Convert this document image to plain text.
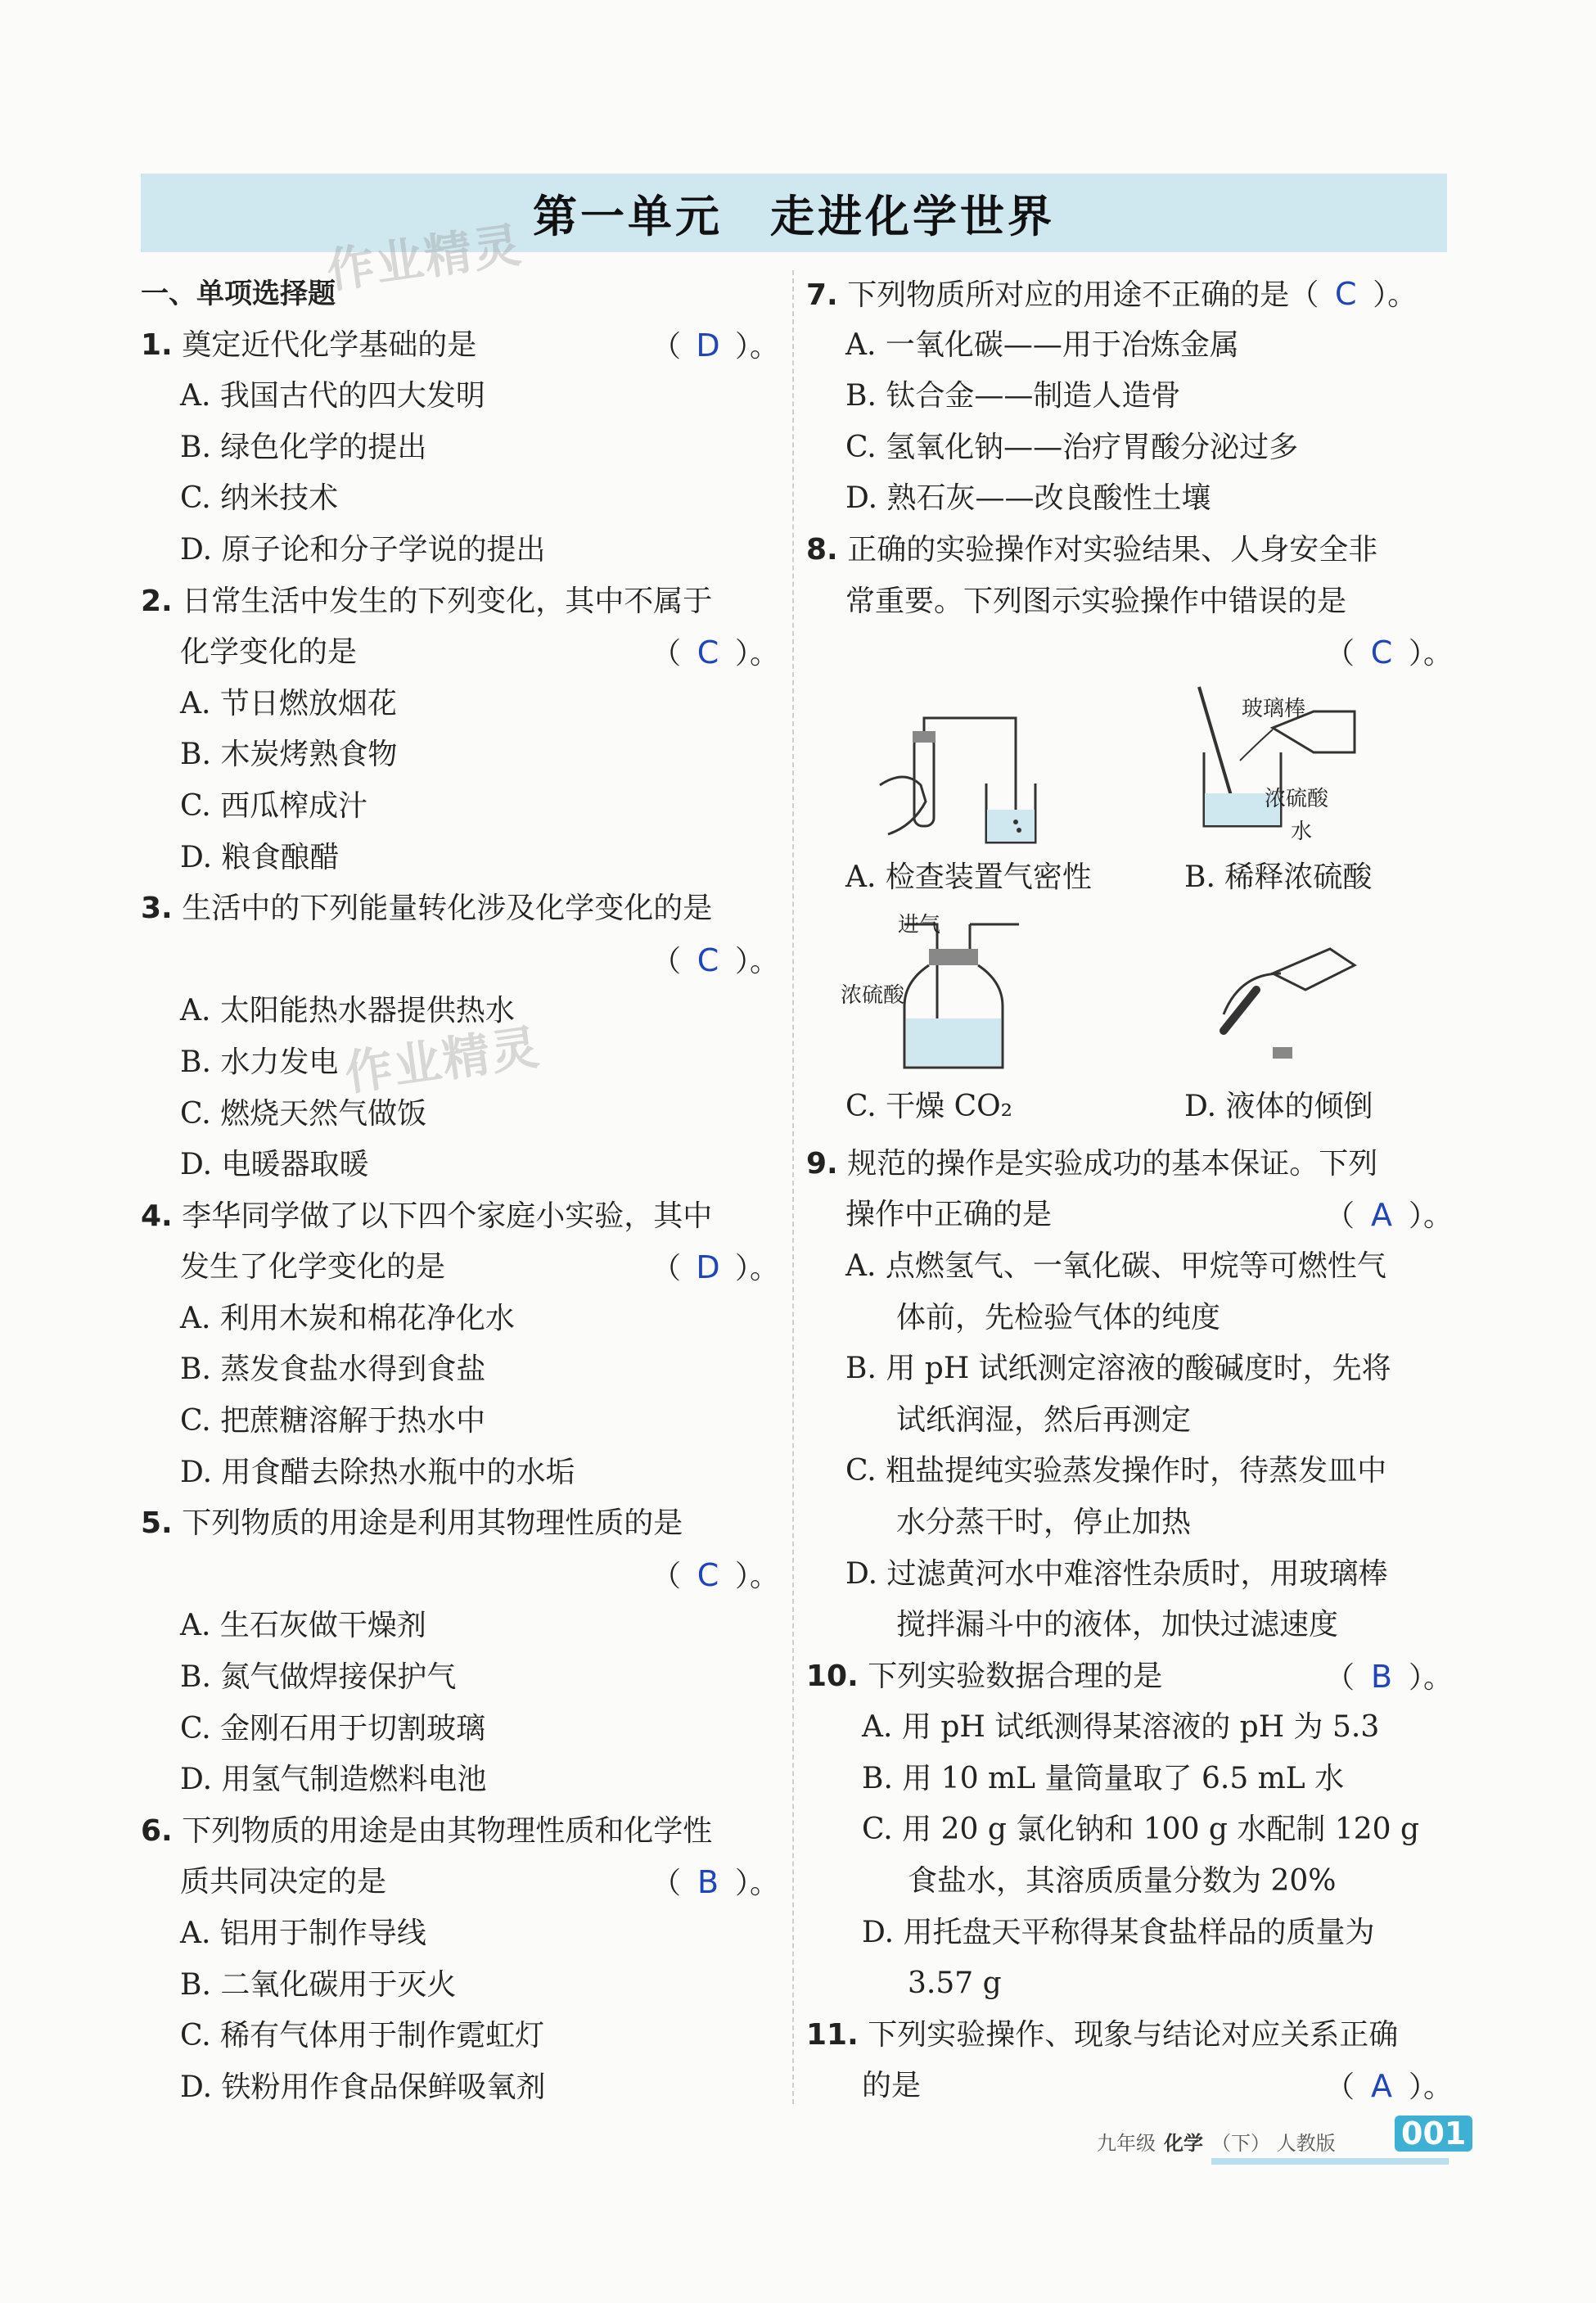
第一单元　走进化学世界
作业精灵
作业精灵
一、单项选择题
1. 奠定近代化学基础的是	（ D ）。
A. 我国古代的四大发明
B. 绿色化学的提出
C. 纳米技术
D. 原子论和分子学说的提出
2. 日常生活中发生的下列变化，其中不属于
化学变化的是	（ C ）。
A. 节日燃放烟花
B. 木炭烤熟食物
C. 西瓜榨成汁
D. 粮食酿醋
3. 生活中的下列能量转化涉及化学变化的是
（ C ）。
A. 太阳能热水器提供热水
B. 水力发电
C. 燃烧天然气做饭
D. 电暖器取暖
4. 李华同学做了以下四个家庭小实验，其中
发生了化学变化的是	（ D ）。
A. 利用木炭和棉花净化水
B. 蒸发食盐水得到食盐
C. 把蔗糖溶解于热水中
D. 用食醋去除热水瓶中的水垢
5. 下列物质的用途是利用其物理性质的是
（ C ）。
A. 生石灰做干燥剂
B. 氮气做焊接保护气
C. 金刚石用于切割玻璃
D. 用氢气制造燃料电池
6. 下列物质的用途是由其物理性质和化学性
质共同决定的是	（ B ）。
A. 铝用于制作导线
B. 二氧化碳用于灭火
C. 稀有气体用于制作霓虹灯
D. 铁粉用作食品保鲜吸氧剂
7. 下列物质所对应的用途不正确的是（ C ）。
A. 一氧化碳——用于冶炼金属
B. 钛合金——制造人造骨
C. 氢氧化钠——治疗胃酸分泌过多
D. 熟石灰——改良酸性土壤
8. 正确的实验操作对实验结果、人身安全非
常重要。下列图示实验操作中错误的是
（ C ）。
玻璃棒
浓硫酸
水
A. 检查装置气密性	B. 稀释浓硫酸
进气
浓硫酸
C. 干燥 CO₂	D. 液体的倾倒
9. 规范的操作是实验成功的基本保证。下列
操作中正确的是	（ A ）。
A. 点燃氢气、一氧化碳、甲烷等可燃性气
体前，先检验气体的纯度
B. 用 pH 试纸测定溶液的酸碱度时，先将
试纸润湿，然后再测定
C. 粗盐提纯实验蒸发操作时，待蒸发皿中
水分蒸干时，停止加热
D. 过滤黄河水中难溶性杂质时，用玻璃棒
搅拌漏斗中的液体，加快过滤速度
10. 下列实验数据合理的是	（ B ）。
A. 用 pH 试纸测得某溶液的 pH 为 5.3
B. 用 10 mL 量筒量取了 6.5 mL 水
C. 用 20 g 氯化钠和 100 g 水配制 120 g
食盐水，其溶质质量分数为 20%
D. 用托盘天平称得某食盐样品的质量为
3.57 g
11. 下列实验操作、现象与结论对应关系正确
的是	（ A ）。
九年级 化学 （下） 人教版 001
